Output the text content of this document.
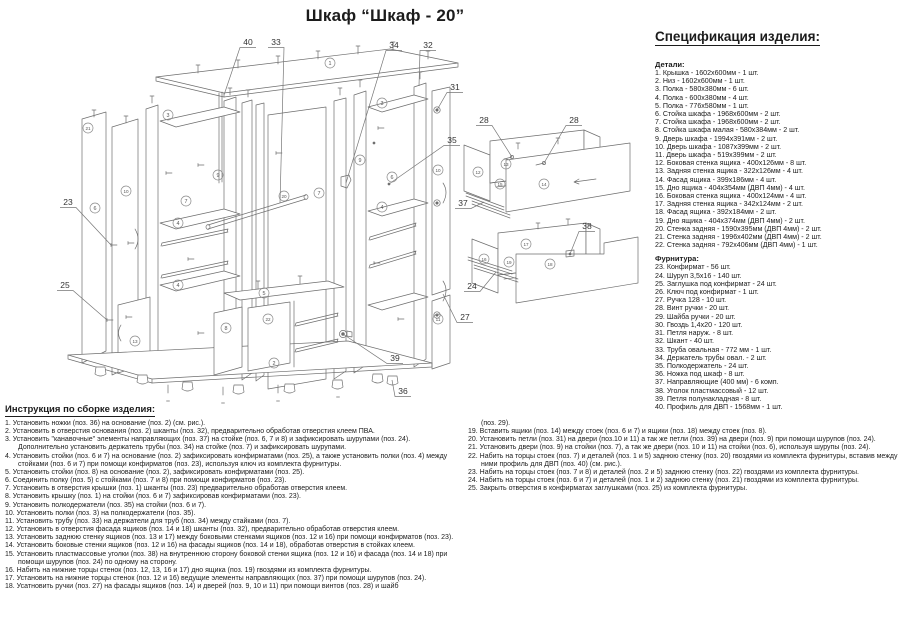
Шкаф “Шкаф - 20”
1
21
3
10
6
7
4
9
4
20	7
9
3
6
10
4
11
13
5
22
8
2
12
13
15	14
16
17
19	18
40 33	34	32
31
35
23
25
39
36
28	28
37
38
24
27
Спецификация изделия:
Детали:
1. Крышка - 1602х600мм - 1 шт.
2. Низ - 1602х600мм - 1 шт.
3. Полка - 580х380мм - 6 шт.
4. Полка - 600х380мм - 4 шт.
5. Полка - 776х580мм - 1 шт.
6. Стойка шкафа - 1968х600мм - 2 шт.
7. Стойка шкафа - 1968х600мм - 2 шт.
8. Стойка шкафа малая - 580х384мм - 2 шт.
9. Дверь шкафа - 1994х391мм - 2 шт.
10. Дверь шкафа - 1087х399мм - 2 шт.
11. Дверь шкафа - 519х399мм - 2 шт.
12. Боковая стенка ящика - 400х126мм - 8 шт.
13. Задняя стенка ящика - 322х126мм - 4 шт.
14. Фасад ящика - 399х186мм - 4 шт.
15. Дно ящика - 404х354мм (ДВП 4мм) - 4 шт.
16. Боковая стенка ящика - 400х124мм - 4 шт.
17. Задняя стенка ящика - 342х124мм - 2 шт.
18. Фасад ящика - 392х184мм - 2 шт.
19. Дно ящика - 404х374мм (ДВП 4мм) - 2 шт.
20. Стенка задняя - 1590х395мм (ДВП 4мм) - 2 шт.
21. Стенка задняя - 1996х402мм (ДВП 4мм) - 2 шт.
22. Стенка задняя - 792х406мм (ДВП 4мм) - 1 шт.
Фурнитура:
23. Конфирмат - 56 шт.
24. Шуруп 3,5х16 - 140 шт.
25. Заглушка под конфирмат - 24 шт.
26. Ключ под конфирмат - 1 шт.
27. Ручка 128 - 10 шт.
28. Винт ручки - 20 шт.
29. Шайба ручки - 20 шт.
30. Гвоздь 1,4х20 - 120 шт.
31. Петля наруж. - 8 шт.
32. Шкант - 40 шт.
33. Труба овальная - 772 мм - 1 шт.
34. Держатель трубы овал. - 2 шт.
35. Полкодержатель - 24 шт.
36. Ножка под шкаф - 8 шт.
37. Направляющие (400 мм) - 6 комп.
38. Уголок пластмассовый - 12 шт.
39. Петля полунакладная - 8 шт.
40. Профиль для ДВП - 1568мм - 1 шт.
Инструкция по сборке изделия:
1. Установить ножки (поз. 36) на основание (поз. 2) (см. рис.).
2. Установить в отверстия основания (поз. 2) шканты (поз. 32), предварительно обработав отверстия клеем ПВА.
3. Установить "канавочные" элементы направляющих (поз. 37) на стойке (поз. 6, 7 и 8) и зафиксировать шурупами (поз. 24). Дополнительно установить держатель трубы (поз. 34) на стойке (поз. 7) и зафиксировать шурупами.
4. Установить стойки (поз. 6 и 7) на основание (поз. 2) зафиксировать конфирматами (поз. 25), а также установить полки (поз. 4) между стойками (поз. 6 и 7) при помощи конфирматов (поз. 23), используя ключ из комплекта фурнитуры.
5. Установить стойки (поз. 8) на основание (поз. 2), зафиксировать конфирматами (поз. 25).
6. Соединить полку (поз. 5) с стойками (поз. 7 и 8) при помощи конфирматов (поз. 23).
7. Установить в отверстия крышки (поз. 1) шканты (поз. 23) предварительно обработав отверстия клеем.
8. Установить крышку (поз. 1) на стойки (поз. 6 и 7) зафиксировав конфирматами (поз. 23).
9. Установить полкодержатели (поз. 35) на стойки (поз. 6 и 7).
10. Установить полки (поз. 3) на полкодержатели (поз. 35).
11. Установить трубу (поз. 33) на держатели для труб (поз. 34) между стайками (поз. 7).
12. Установить в отверстия фасада ящиков (поз. 14 и 18) шканты (поз. 32), предварительно обработав отверстия клеем.
13. Установить заднюю стенку ящиков (поз. 13 и 17) между боковыми стенками ящиков (поз. 12 и 16) при помощи конфирматов (поз. 23).
14. Установить боковые стенки ящиков (поз. 12 и 16) на фасады ящиков (поз. 14 и 18), обработав отверстия в стойках клеем.
15. Установить пластмассовые уголки (поз. 38) на внутреннюю сторону боковой стенки ящика (поз. 12 и 16) и фасада (поз. 14 и 18) при помощи шурупов (поз. 24) по одному на сторону.
16. Набить на нижние торцы стенок (поз. 12, 13, 16 и 17) дно ящика (поз. 19) гвоздями из комплекта фурнитуры.
17. Установить на нижние торцы стенок (поз. 12 и 16) ведущие элементы направляющих (поз. 37) при помощи шурупов (поз. 24).
18. Усатновить ручки (поз. 27) на фасады ящиков (поз. 14) и дверей (поз. 9, 10 и 11) при помощи винтов (поз. 28) и шайб
(поз. 29).
19. Вставить ящики (поз. 14) между стоек (поз. 6 и 7) и ящики (поз. 18) между стоек (поз. 8).
20. Установить петли (поз. 31) на двери (поз.10 и 11) а так же петли (поз. 39) на двери (поз. 9) при помощи шурупов (поз. 24).
21. Установить двери (поз. 9) на стойки (поз. 7), а так же двери (поз. 10 и 11) на стойки (поз. 6), используя шурупы (поз. 24).
22. Набить на торцы стоек (поз. 7) и деталей (поз. 1 и 5) заднюю стенку (поз. 20) гвоздями из комплекта фурнитуры, вставив между ними профиль для ДВП (поз. 40) (см. рис.).
23. Набить на торцы стоек (поз. 7 и 8) и деталей (поз. 2 и 5) заднюю стенку (поз. 22) гвоздями из комплекта фурнитуры.
24. Набить на торцы стоек (поз. 6 и 7) и деталей (поз. 1 и 2) заднюю стенку (поз. 21) гвоздями из комплекта фурнитуры.
25. Закрыть отверстия в конфирматах заглушками (поз. 25) из комплекта фурнитуры.
